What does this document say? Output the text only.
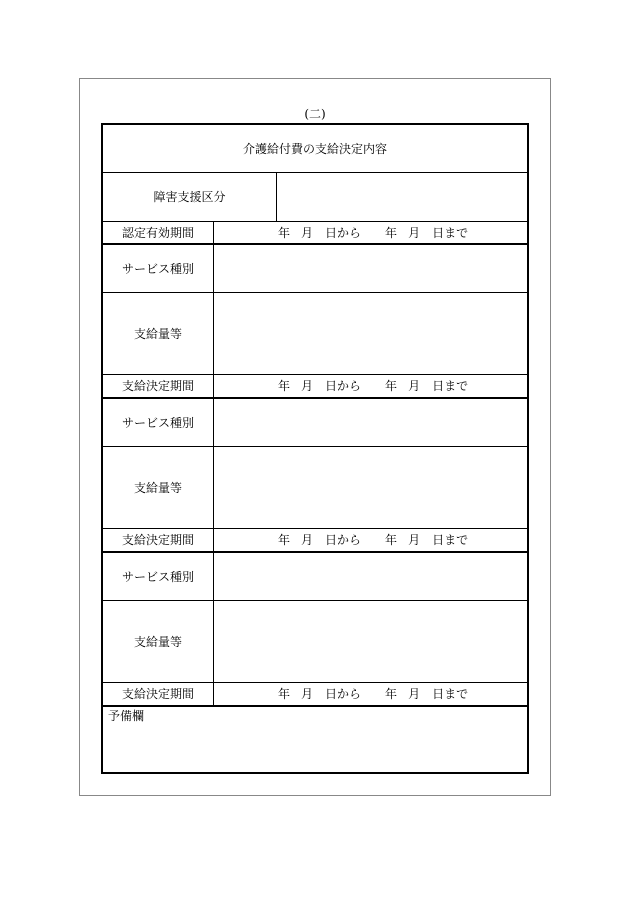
(二)
介護給付費の支給決定内容
障害支援区分
認定有効期間	年 月 日から 年 月 日まで
サービス種別
支給量等
支給決定期間	年 月 日から 年 月 日まで
サービス種別
支給量等
支給決定期間	年 月 日から 年 月 日まで
サービス種別
支給量等
支給決定期間	年 月 日から 年 月 日まで
予備欄
